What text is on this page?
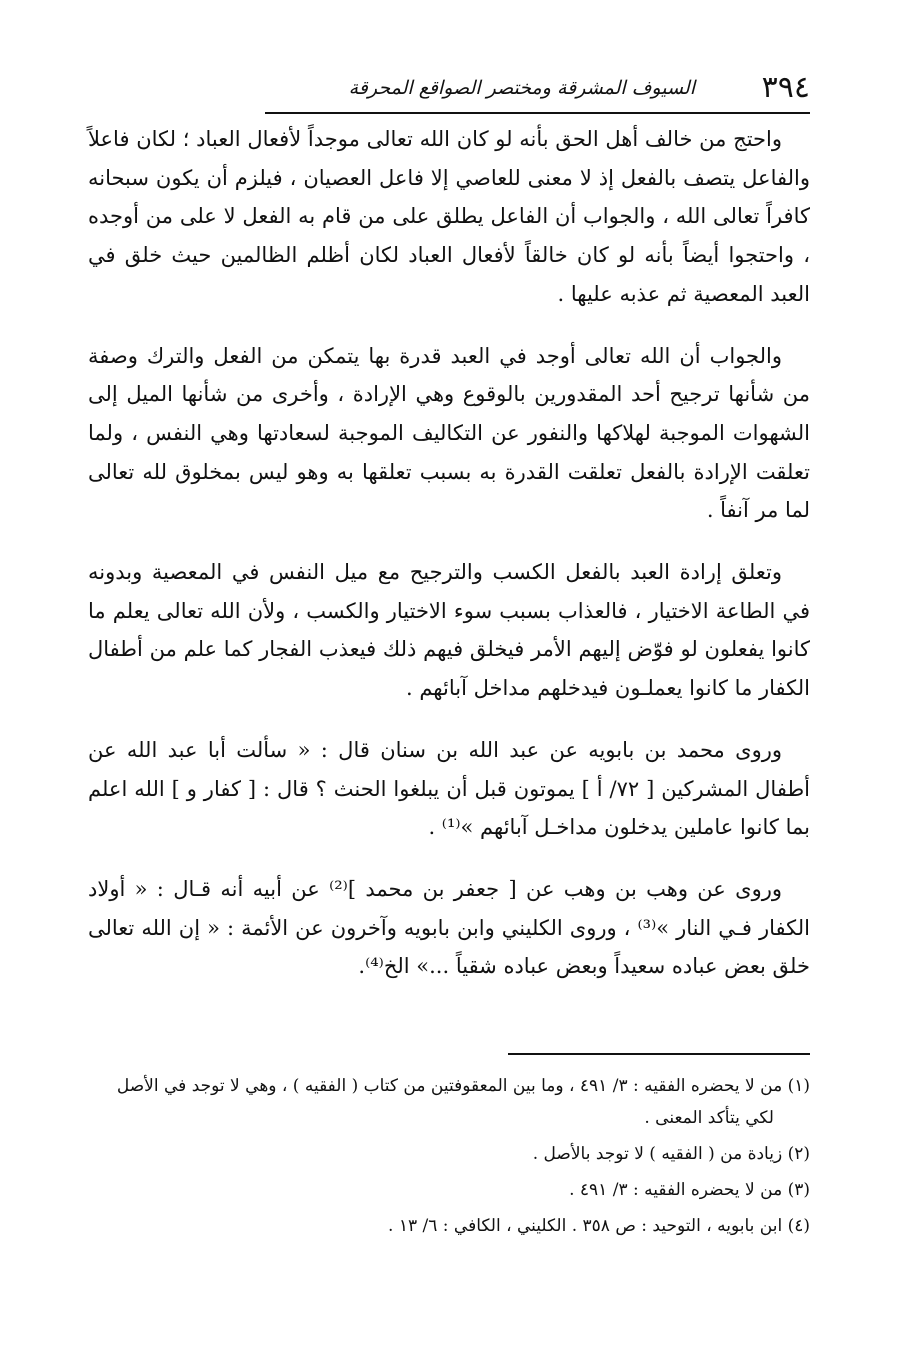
٣٩٤
السيوف المشرقة ومختصر الصواقع المحرقة

واحتج من خالف أهل الحق بأنه لو كان الله تعالى موجداً لأفعال العباد ؛ لكان فاعلاً والفاعل يتصف بالفعل إذ لا معنى للعاصي إلا فاعل العصيان ، فيلزم أن يكون سبحانه كافراً تعالى الله ، والجواب أن الفاعل يطلق على من قام به الفعل لا على من أوجده ، واحتجوا أيضاً بأنه لو كان خالقاً لأفعال العباد لكان أظلم الظالمين حيث خلق في العبد المعصية ثم عذبه عليها .

والجواب أن الله تعالى أوجد في العبد قدرة بها يتمكن من الفعل والترك وصفة من شأنها ترجيح أحد المقدورين بالوقوع وهي الإرادة ، وأخرى من شأنها الميل إلى الشهوات الموجبة لهلاكها والنفور عن التكاليف الموجبة لسعادتها وهي النفس ، ولما تعلقت الإرادة بالفعل تعلقت القدرة به بسبب تعلقها به وهو ليس بمخلوق لله تعالى لما مر آنفاً .

وتعلق إرادة العبد بالفعل الكسب والترجيح مع ميل النفس في المعصية وبدونه في الطاعة الاختيار ، فالعذاب بسبب سوء الاختيار والكسب ، ولأن الله تعالى يعلم ما كانوا يفعلون لو فوّض إليهم الأمر فيخلق فيهم ذلك فيعذب الفجار كما علم من أطفال الكفار ما كانوا يعملـون فيدخلهم مداخل آبائهم .

وروى محمد بن بابويه عن عبد الله بن سنان قال : « سألت أبا عبد الله عن أطفال المشركين [ ٧٢/ أ ] يموتون قبل أن يبلغوا الحنث ؟ قال : [ كفار و ] الله اعلم بما كانوا عاملين يدخلون مداخـل آبائهم »⁽¹⁾ .

وروى عن وهب بن وهب عن [ جعفر بن محمد ]⁽²⁾ عن أبيه أنه قـال : « أولاد الكفار فـي النار »⁽³⁾ ، وروى الكليني وابن بابويه وآخرون عن الأئمة : « إن الله تعالى خلق بعض عباده سعيداً وبعض عباده شقياً ...» الخ⁽⁴⁾.

(١) من لا يحضره الفقيه : ٣/ ٤٩١ ، وما بين المعقوفتين من كتاب ( الفقيه ) ، وهي لا توجد في الأصل لكي يتأكد المعنى .

(٢) زيادة من ( الفقيه ) لا توجد بالأصل .

(٣) من لا يحضره الفقيه : ٣/ ٤٩١ .

(٤) ابن بابويه ، التوحيد : ص ٣٥٨ . الكليني ، الكافي : ٦/ ١٣ .
